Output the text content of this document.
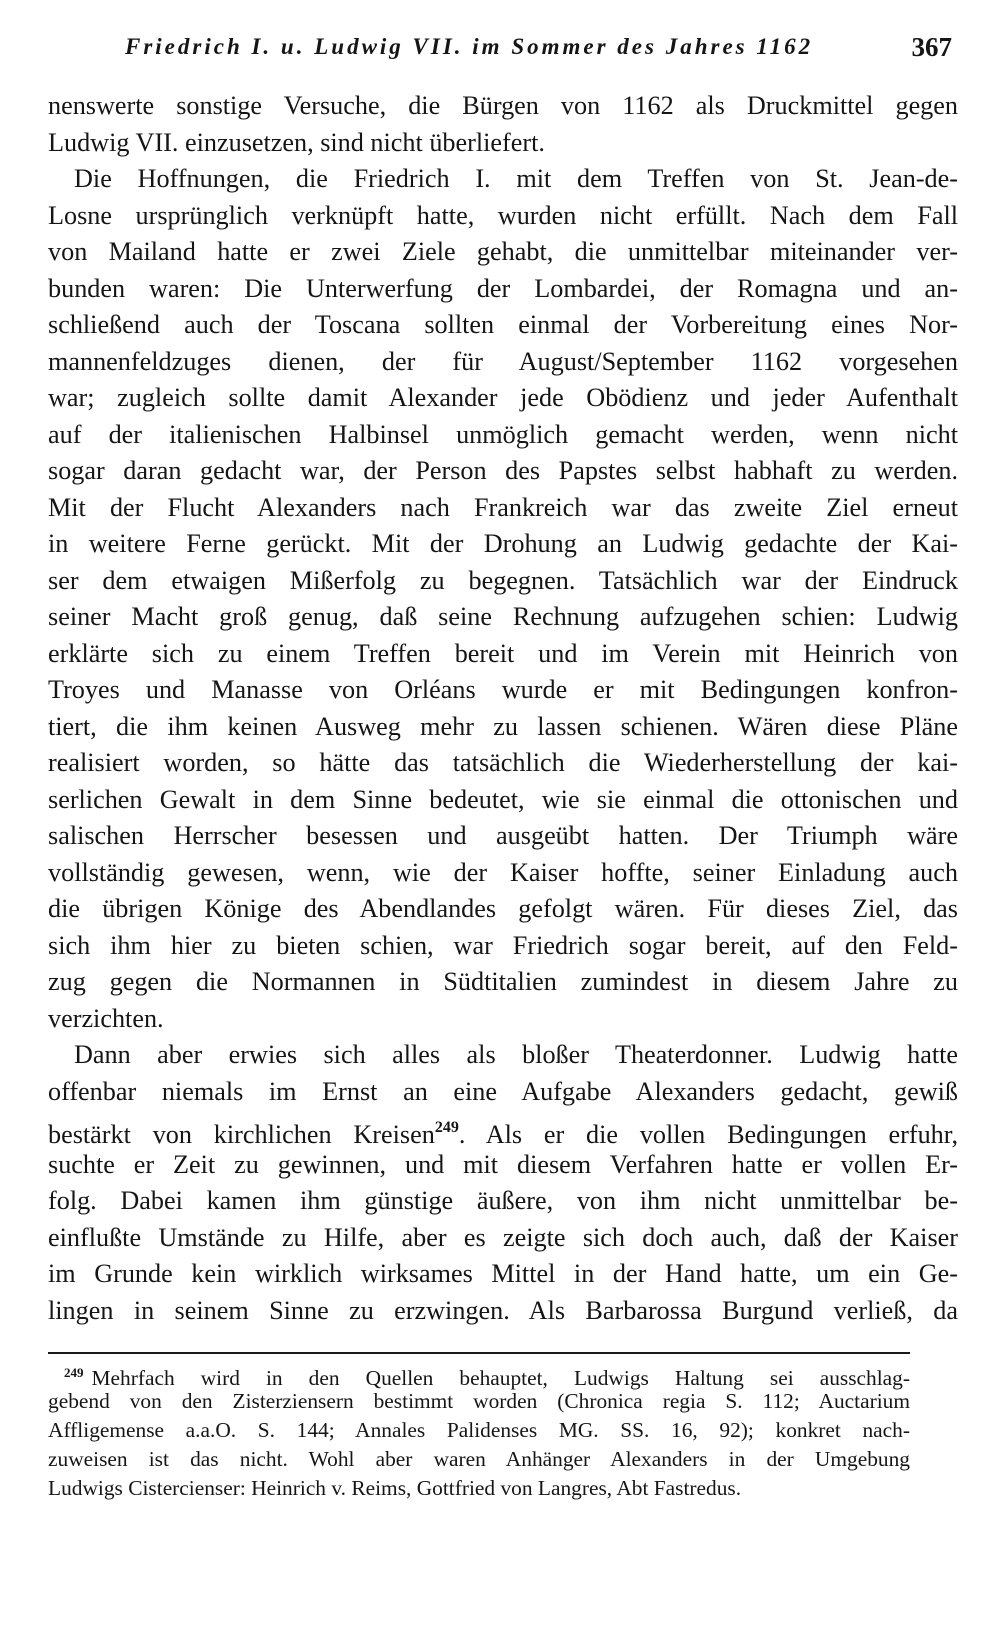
Friedrich I. u. Ludwig VII. im Sommer des Jahres 1162	367
nenswerte sonstige Versuche, die Bürgen von 1162 als Druckmittel gegen
Ludwig VII. einzusetzen, sind nicht überliefert.
Die Hoffnungen, die Friedrich I. mit dem Treffen von St. Jean-de-
Losne ursprünglich verknüpft hatte, wurden nicht erfüllt. Nach dem Fall
von Mailand hatte er zwei Ziele gehabt, die unmittelbar miteinander ver-
bunden waren: Die Unterwerfung der Lombardei, der Romagna und an-
schließend auch der Toscana sollten einmal der Vorbereitung eines Nor-
mannenfeldzuges dienen, der für August/September 1162 vorgesehen
war; zugleich sollte damit Alexander jede Obödienz und jeder Aufenthalt
auf der italienischen Halbinsel unmöglich gemacht werden, wenn nicht
sogar daran gedacht war, der Person des Papstes selbst habhaft zu werden.
Mit der Flucht Alexanders nach Frankreich war das zweite Ziel erneut
in weitere Ferne gerückt. Mit der Drohung an Ludwig gedachte der Kai-
ser dem etwaigen Mißerfolg zu begegnen. Tatsächlich war der Eindruck
seiner Macht groß genug, daß seine Rechnung aufzugehen schien: Ludwig
erklärte sich zu einem Treffen bereit und im Verein mit Heinrich von
Troyes und Manasse von Orléans wurde er mit Bedingungen konfron-
tiert, die ihm keinen Ausweg mehr zu lassen schienen. Wären diese Pläne
realisiert worden, so hätte das tatsächlich die Wiederherstellung der kai-
serlichen Gewalt in dem Sinne bedeutet, wie sie einmal die ottonischen und
salischen Herrscher besessen und ausgeübt hatten. Der Triumph wäre
vollständig gewesen, wenn, wie der Kaiser hoffte, seiner Einladung auch
die übrigen Könige des Abendlandes gefolgt wären. Für dieses Ziel, das
sich ihm hier zu bieten schien, war Friedrich sogar bereit, auf den Feld-
zug gegen die Normannen in Südtitalien zumindest in diesem Jahre zu
verzichten.
Dann aber erwies sich alles als bloßer Theaterdonner. Ludwig hatte
offenbar niemals im Ernst an eine Aufgabe Alexanders gedacht, gewiß
bestärkt von kirchlichen Kreisen$^{249}$. Als er die vollen Bedingungen erfuhr,
suchte er Zeit zu gewinnen, und mit diesem Verfahren hatte er vollen Er-
folg. Dabei kamen ihm günstige äußere, von ihm nicht unmittelbar be-
einflußte Umstände zu Hilfe, aber es zeigte sich doch auch, daß der Kaiser
im Grunde kein wirklich wirksames Mittel in der Hand hatte, um ein Ge-
lingen in seinem Sinne zu erzwingen. Als Barbarossa Burgund verließ, da
$^{249}$ Mehrfach wird in den Quellen behauptet, Ludwigs Haltung sei ausschlag-
gebend von den Zisterziensern bestimmt worden (Chronica regia S. 112; Auctarium
Affligemense a.a.O. S. 144; Annales Palidenses MG. SS. 16, 92); konkret nach-
zuweisen ist das nicht. Wohl aber waren Anhänger Alexanders in der Umgebung
Ludwigs Cistercienser: Heinrich v. Reims, Gottfried von Langres, Abt Fastredus.
